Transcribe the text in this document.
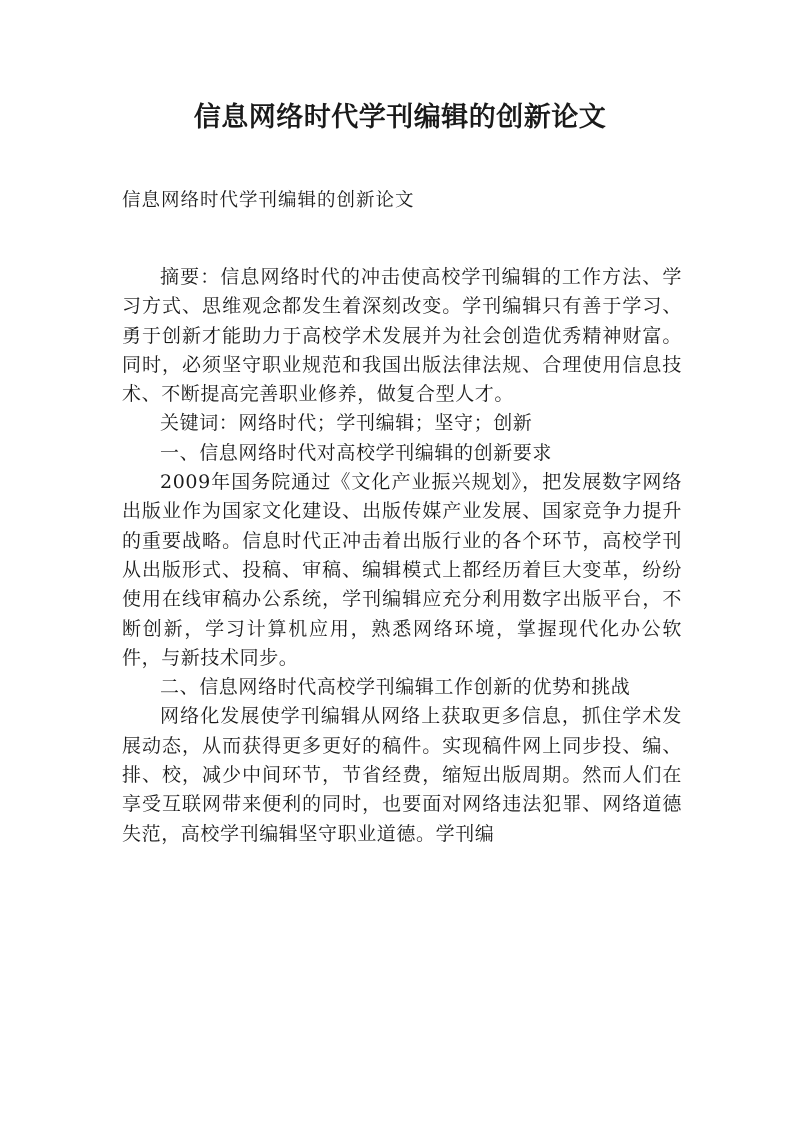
信息网络时代学刊编辑的创新论文

信息网络时代学刊编辑的创新论文

摘要：信息网络时代的冲击使高校学刊编辑的工作方法、学习方式、思维观念都发生着深刻改变。学刊编辑只有善于学习、勇于创新才能助力于高校学术发展并为社会创造优秀精神财富。同时，必须坚守职业规范和我国出版法律法规、合理使用信息技术、不断提高完善职业修养，做复合型人才。

关键词：网络时代；学刊编辑；坚守；创新

一、信息网络时代对高校学刊编辑的创新要求

2009年国务院通过《文化产业振兴规划》，把发展数字网络出版业作为国家文化建设、出版传媒产业发展、国家竞争力提升的重要战略。信息时代正冲击着出版行业的各个环节，高校学刊从出版形式、投稿、审稿、编辑模式上都经历着巨大变革，纷纷使用在线审稿办公系统，学刊编辑应充分利用数字出版平台，不断创新，学习计算机应用，熟悉网络环境，掌握现代化办公软件，与新技术同步。

二、信息网络时代高校学刊编辑工作创新的优势和挑战

网络化发展使学刊编辑从网络上获取更多信息，抓住学术发展动态，从而获得更多更好的稿件。实现稿件网上同步投、编、排、校，减少中间环节，节省经费，缩短出版周期。然而人们在享受互联网带来便利的同时，也要面对网络违法犯罪、网络道德失范，高校学刊编辑坚守职业道德。学刊编
